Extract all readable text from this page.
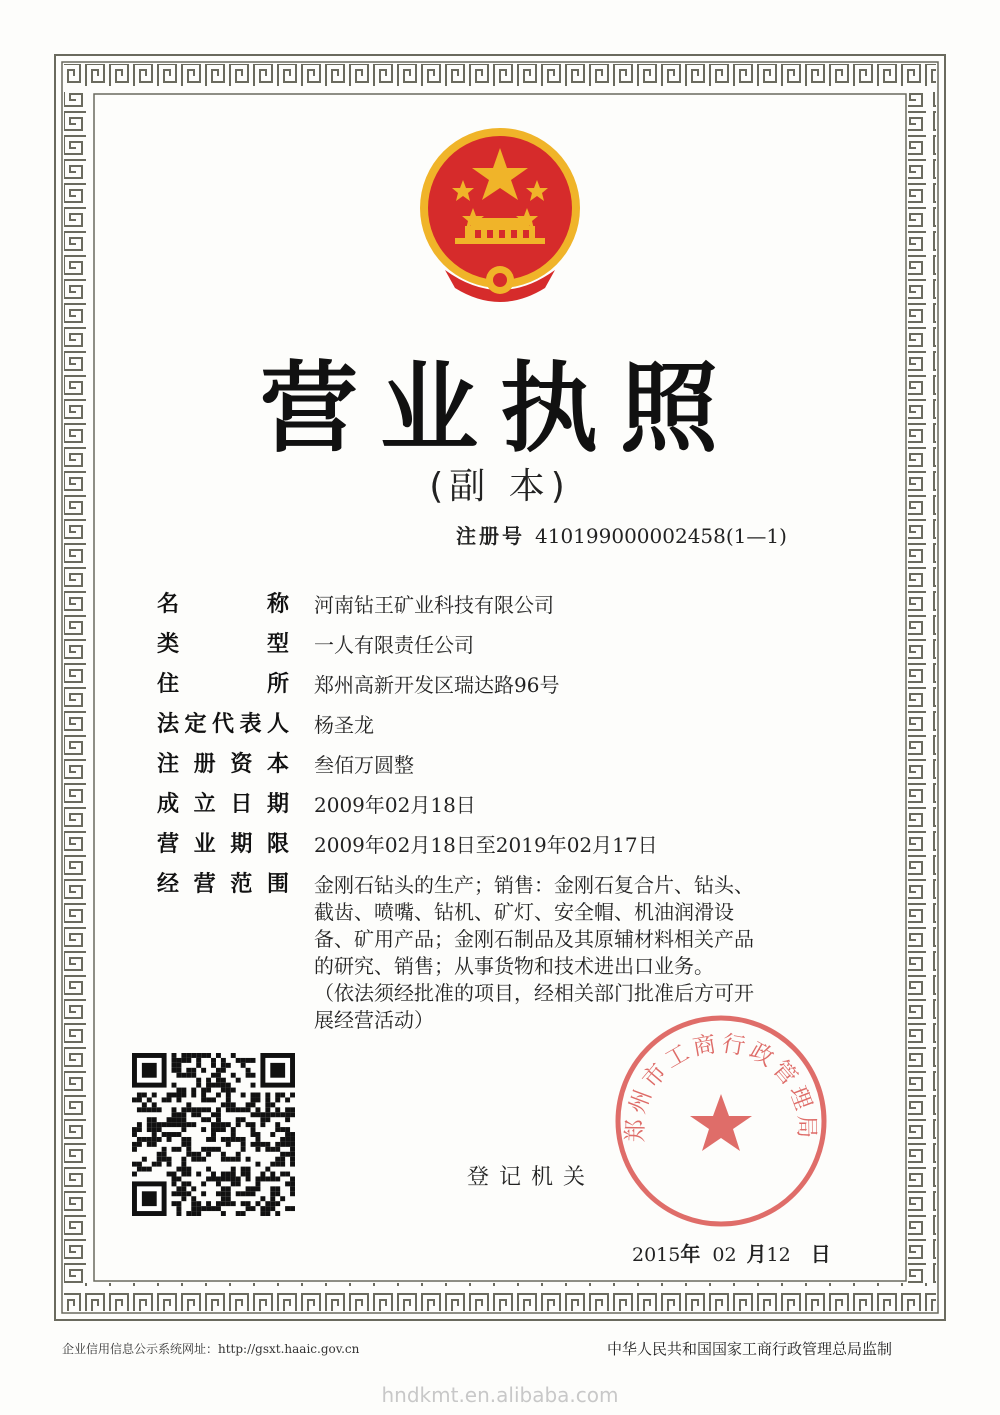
营业执照
(副 本)
注册号 410199000002458(1—1)
名称 河南钻王矿业科技有限公司
类型 一人有限责任公司
住所 郑州高新开发区瑞达路96号
法定代表人 杨圣龙
注册资本 叁佰万圆整
成立日期 2009年02月18日
营业期限 2009年02月18日至2019年02月17日
经营范围 金刚石钻头的生产；销售：金刚石复合片、钻头、
截齿、喷嘴、钻机、矿灯、安全帽、机油润滑设
备、矿用产品；金刚石制品及其原辅材料相关产品
的研究、销售；从事货物和技术进出口业务。
（依法须经批准的项目，经相关部门批准后方可开
展经营活动）
登记机关
郑州市工商行政管理局
2015年 02 月12 日
企业信用信息公示系统网址：http://gsxt.haaic.gov.cn	中华人民共和国国家工商行政管理总局监制
hndkmt.en.alibaba.com
